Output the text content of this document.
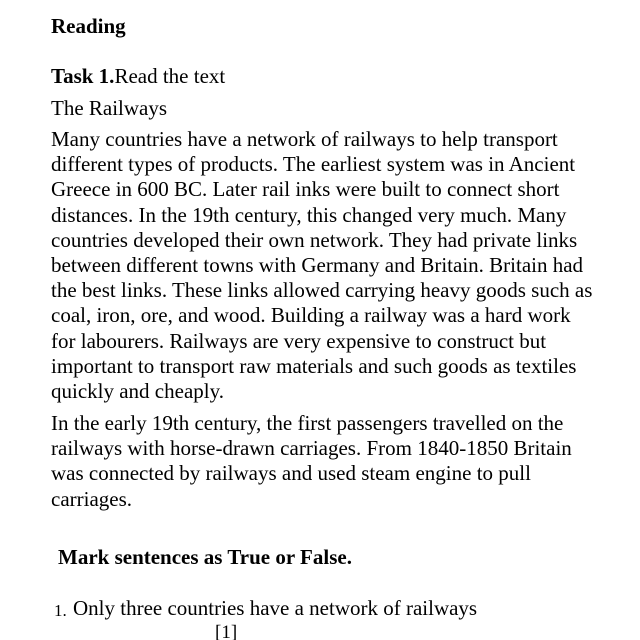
Reading

Task 1.Read the text

The Railways

Many countries have a network of railways to help transport
different types of products. The earliest system was in Ancient
Greece in 600 BC. Later rail inks were built to connect short
distances. In the 19th century, this changed very much. Many
countries developed their own network. They had private links
between different towns with Germany and Britain. Britain had
the best links. These links allowed carrying heavy goods such as
coal, iron, ore, and wood. Building a railway was a hard work
for labourers. Railways are very expensive to construct but
important to transport raw materials and such goods as textiles
quickly and cheaply.

In the early 19th century, the first passengers travelled on the
railways with horse-drawn carriages. From 1840-1850 Britain
was connected by railways and used steam engine to pull
carriages.

Mark sentences as True or False.

1. Only three countries have a network of railways
[1]
